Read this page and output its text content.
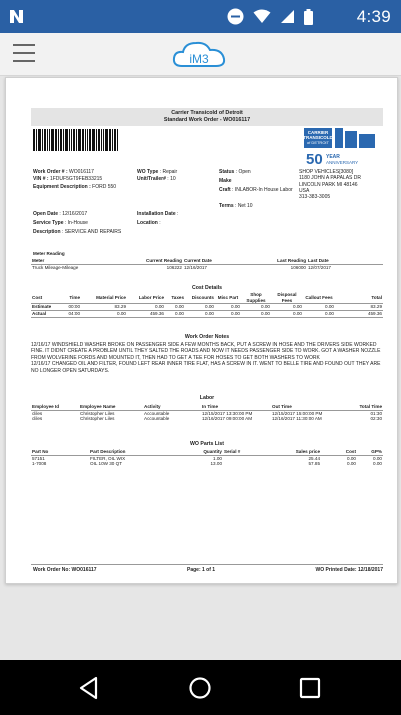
4:39
iM3
Carrier Transicold of Detroit
Standard Work Order - WO016117
CARRIER
TRANSICOLD
of DETROIT
50 YEAR
ANNIVERSARY
Work Order # : WO016117
VIN # : 1FDUF5GT9FEB33215
Equipment Description : FORD 550
WO Type : Repair
Unit/Trailer# : 10
Status : Open
Make
Craft : INLABOR-In House Labor
Terms : Net 10
SHOP VEHICLES[3080]
1180 JOHN A PAPALAS DR
LINCOLN PARK MI 48146
USA
313-383-3005
Open Date : 12/16/2017
Service Type : In-House
Description : SERVICE AND REPAIRS
Installation Date :
Location :
Meter Reading
Meter	Current Reading	Current Date	Last Reading	Last Date
Truck Mileage-Mileage	106222	12/16/2017	106000	12/07/2017
Cost Details
Cost	Time	Material Price	Labor Price	Taxes	Discounts	Misc Part	Shop Supplies	Disposal Fees	Callout Fees	Total
Estimate	00:00	83.29	0.00	0.00	0.00	0.00	0.00	0.00	0.00	83.29
Actual	04:00	0.00	459.36	0.00	0.00	0.00	0.00	0.00	0.00	459.36
Work Order Notes
12/16/17 WINDSHIELD WASHER BROKE ON PASSENGER SIDE A FEW MONTHS BACK, PUT A SCREW IN HOSE AND THE DRIVERS SIDE WORKED FINE. IT DIDNT CREATE A PROBLEM UNTIL THEY SALTED THE ROADS AND NOW IT NEEDS PASSENGER SIDE TO WORK. GOT A WASHER NOZZLE FROM WOLVERINE FORDS AND MOUNTED IT, THEN HAD TO GET A TEE FOR HOSES TO GET BOTH WASHERS TO WORK
12/16/17 CHANGED OIL AND FILTER, FOUND LEFT REAR INNER TIRE FLAT, HAS A SCREW IN IT. WENT TO BELLE TIRE AND FOUND OUT THEY ARE NO LONGER OPEN SATURDAYS.
Labor
Employee Id	Employee Name	Activity	In Time	Out Time	Total Time
cliles	Christopher Liles	Accountable	12/15/2017 13:30:00 PM	12/15/2017 15:00:00 PM	01:30
cliles	Christopher Liles	Accountable	12/16/2017 09:00:00 AM	12/16/2017 11:30:00 AM	02:30
WO Parts List
Part No	Part Description	Quantity	Serial #	Sales price	Cost	GP%
57151	FILTER, OIL WIX	1.00		25.44	0.00	0.00
1-7008	OIL 10W 30 QT	13.00		57.85	0.00	0.00
Work Order No: WO016117	Page: 1 of 1	WO Printed Date: 12/18/2017
